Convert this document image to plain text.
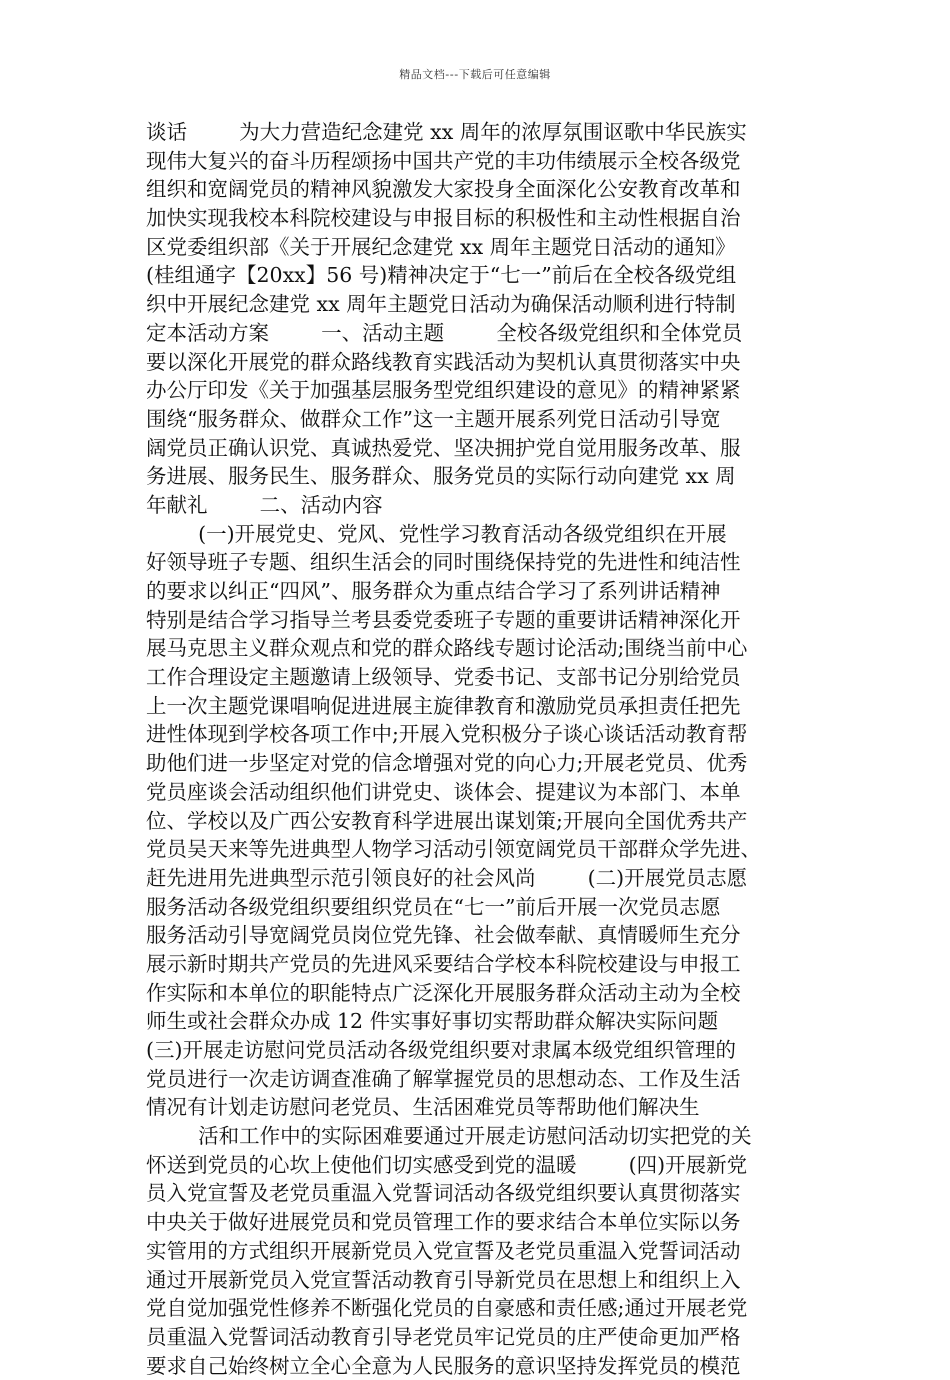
精品文档---下载后可任意编辑
谈话        为大力营造纪念建党 xx 周年的浓厚氛围讴歌中华民族实
现伟大复兴的奋斗历程颂扬中国共产党的丰功伟绩展示全校各级党
组织和宽阔党员的精神风貌激发大家投身全面深化公安教育改革和
加快实现我校本科院校建设与申报目标的积极性和主动性根据自治
区党委组织部《关于开展纪念建党 xx 周年主题党日活动的通知》
(桂组通字【20xx】56 号)精神决定于“七一”前后在全校各级党组
织中开展纪念建党 xx 周年主题党日活动为确保活动顺利进行特制
定本活动方案        一、活动主题        全校各级党组织和全体党员
要以深化开展党的群众路线教育实践活动为契机认真贯彻落实中央
办公厅印发《关于加强基层服务型党组织建设的意见》的精神紧紧
围绕“服务群众、做群众工作”这一主题开展系列党日活动引导宽
阔党员正确认识党、真诚热爱党、坚决拥护党自觉用服务改革、服
务进展、服务民生、服务群众、服务党员的实际行动向建党 xx 周
年献礼        二、活动内容
(一)开展党史、党风、党性学习教育活动各级党组织在开展
好领导班子专题、组织生活会的同时围绕保持党的先进性和纯洁性
的要求以纠正“四风”、服务群众为重点结合学习了系列讲话精神
特别是结合学习指导兰考县委党委班子专题的重要讲话精神深化开
展马克思主义群众观点和党的群众路线专题讨论活动;围绕当前中心
工作合理设定主题邀请上级领导、党委书记、支部书记分别给党员
上一次主题党课唱响促进进展主旋律教育和激励党员承担责任把先
进性体现到学校各项工作中;开展入党积极分子谈心谈话活动教育帮
助他们进一步坚定对党的信念增强对党的向心力;开展老党员、优秀
党员座谈会活动组织他们讲党史、谈体会、提建议为本部门、本单
位、学校以及广西公安教育科学进展出谋划策;开展向全国优秀共产
党员吴天来等先进典型人物学习活动引领宽阔党员干部群众学先进、
赶先进用先进典型示范引领良好的社会风尚        (二)开展党员志愿
服务活动各级党组织要组织党员在“七一”前后开展一次党员志愿
服务活动引导宽阔党员岗位党先锋、社会做奉献、真情暖师生充分
展示新时期共产党员的先进风采要结合学校本科院校建设与申报工
作实际和本单位的职能特点广泛深化开展服务群众活动主动为全校
师生或社会群众办成 12 件实事好事切实帮助群众解决实际问题
(三)开展走访慰问党员活动各级党组织要对隶属本级党组织管理的
党员进行一次走访调查准确了解掌握党员的思想动态、工作及生活
情况有计划走访慰问老党员、生活困难党员等帮助他们解决生
活和工作中的实际困难要通过开展走访慰问活动切实把党的关
怀送到党员的心坎上使他们切实感受到党的温暖        (四)开展新党
员入党宣誓及老党员重温入党誓词活动各级党组织要认真贯彻落实
中央关于做好进展党员和党员管理工作的要求结合本单位实际以务
实管用的方式组织开展新党员入党宣誓及老党员重温入党誓词活动
通过开展新党员入党宣誓活动教育引导新党员在思想上和组织上入
党自觉加强党性修养不断强化党员的自豪感和责任感;通过开展老党
员重温入党誓词活动教育引导老党员牢记党员的庄严使命更加严格
要求自己始终树立全心全意为人民服务的意识坚持发挥党员的模范
